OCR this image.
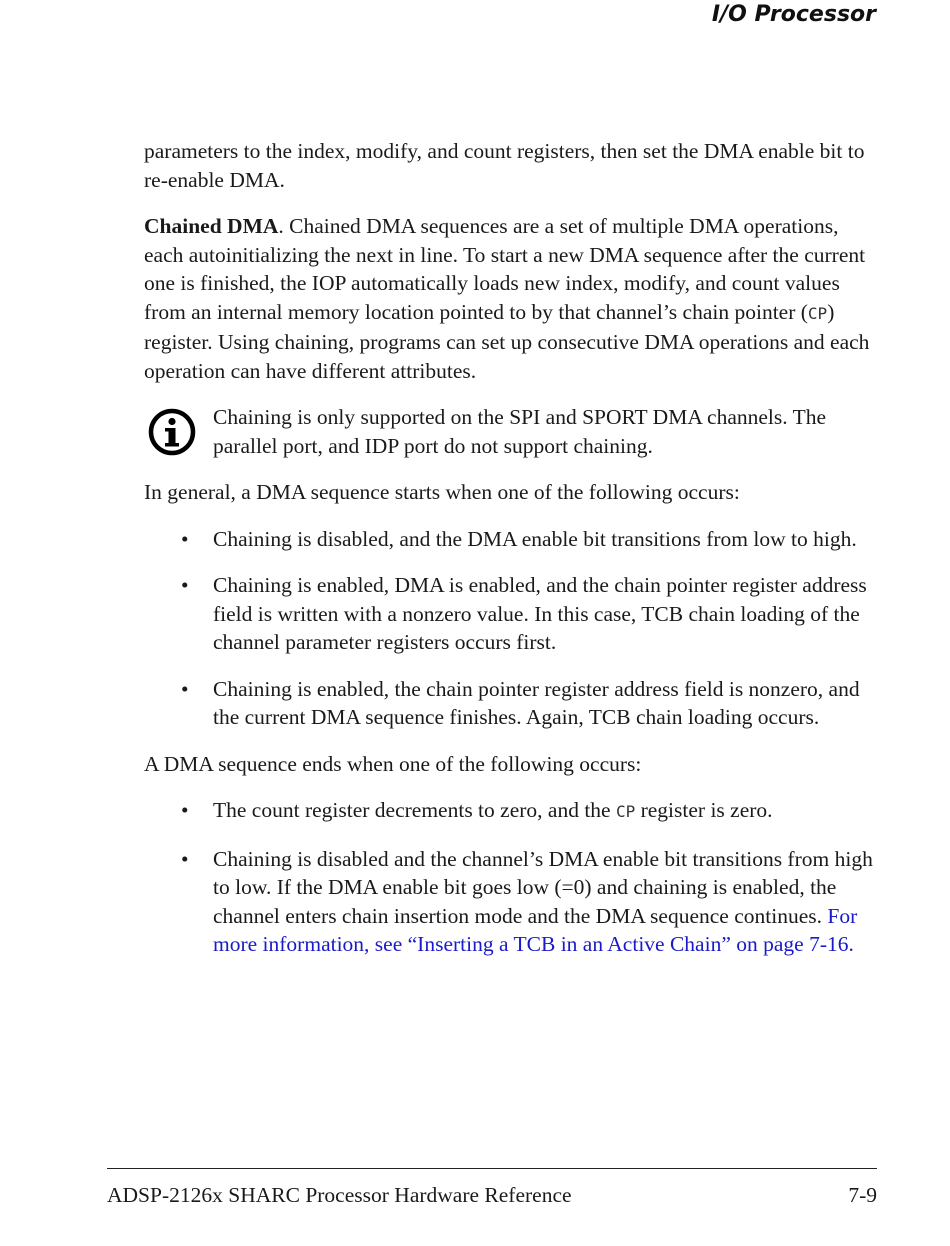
I/O Processor

parameters to the index, modify, and count registers, then set the DMA enable bit to re-enable DMA.

Chained DMA. Chained DMA sequences are a set of multiple DMA operations, each autoinitializing the next in line. To start a new DMA sequence after the current one is finished, the IOP automatically loads new index, modify, and count values from an internal memory location pointed to by that channel’s chain pointer (CP) register. Using chaining, programs can set up consecutive DMA operations and each operation can have different attributes.

Chaining is only supported on the SPI and SPORT DMA channels. The parallel port, and IDP port do not support chaining.

In general, a DMA sequence starts when one of the following occurs:

• Chaining is disabled, and the DMA enable bit transitions from low to high.
• Chaining is enabled, DMA is enabled, and the chain pointer register address field is written with a nonzero value. In this case, TCB chain loading of the channel parameter registers occurs first.
• Chaining is enabled, the chain pointer register address field is nonzero, and the current DMA sequence finishes. Again, TCB chain loading occurs.

A DMA sequence ends when one of the following occurs:

• The count register decrements to zero, and the CP register is zero.
• Chaining is disabled and the channel’s DMA enable bit transitions from high to low. If the DMA enable bit goes low (=0) and chaining is enabled, the channel enters chain insertion mode and the DMA sequence continues. For more information, see “Inserting a TCB in an Active Chain” on page 7-16.
ADSP-2126x SHARC Processor Hardware Reference	7-9
